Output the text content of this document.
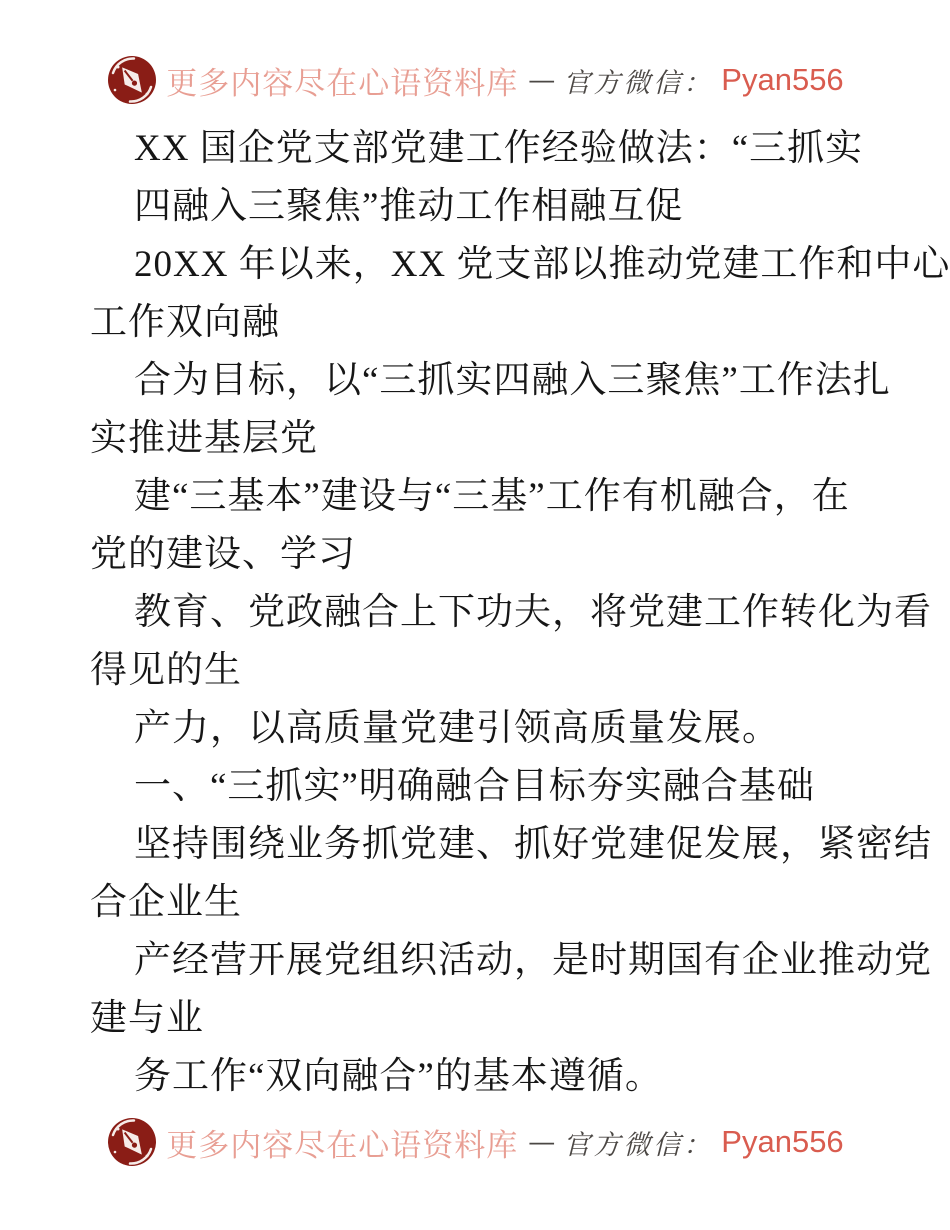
更多内容尽在心语资料库 — 官方微信： Pyan556
XX 国企党支部党建工作经验做法：“三抓实
四融入三聚焦”推动工作相融互促
20XX 年以来，XX 党支部以推动党建工作和中心
工作双向融
合为目标，以“三抓实四融入三聚焦”工作法扎
实推进基层党
建“三基本”建设与“三基”工作有机融合，在
党的建设、学习
教育、党政融合上下功夫，将党建工作转化为看
得见的生
产力，以高质量党建引领高质量发展。
一、“三抓实”明确融合目标夯实融合基础
坚持围绕业务抓党建、抓好党建促发展，紧密结
合企业生
产经营开展党组织活动，是时期国有企业推动党
建与业
务工作“双向融合”的基本遵循。
更多内容尽在心语资料库 — 官方微信： Pyan556
